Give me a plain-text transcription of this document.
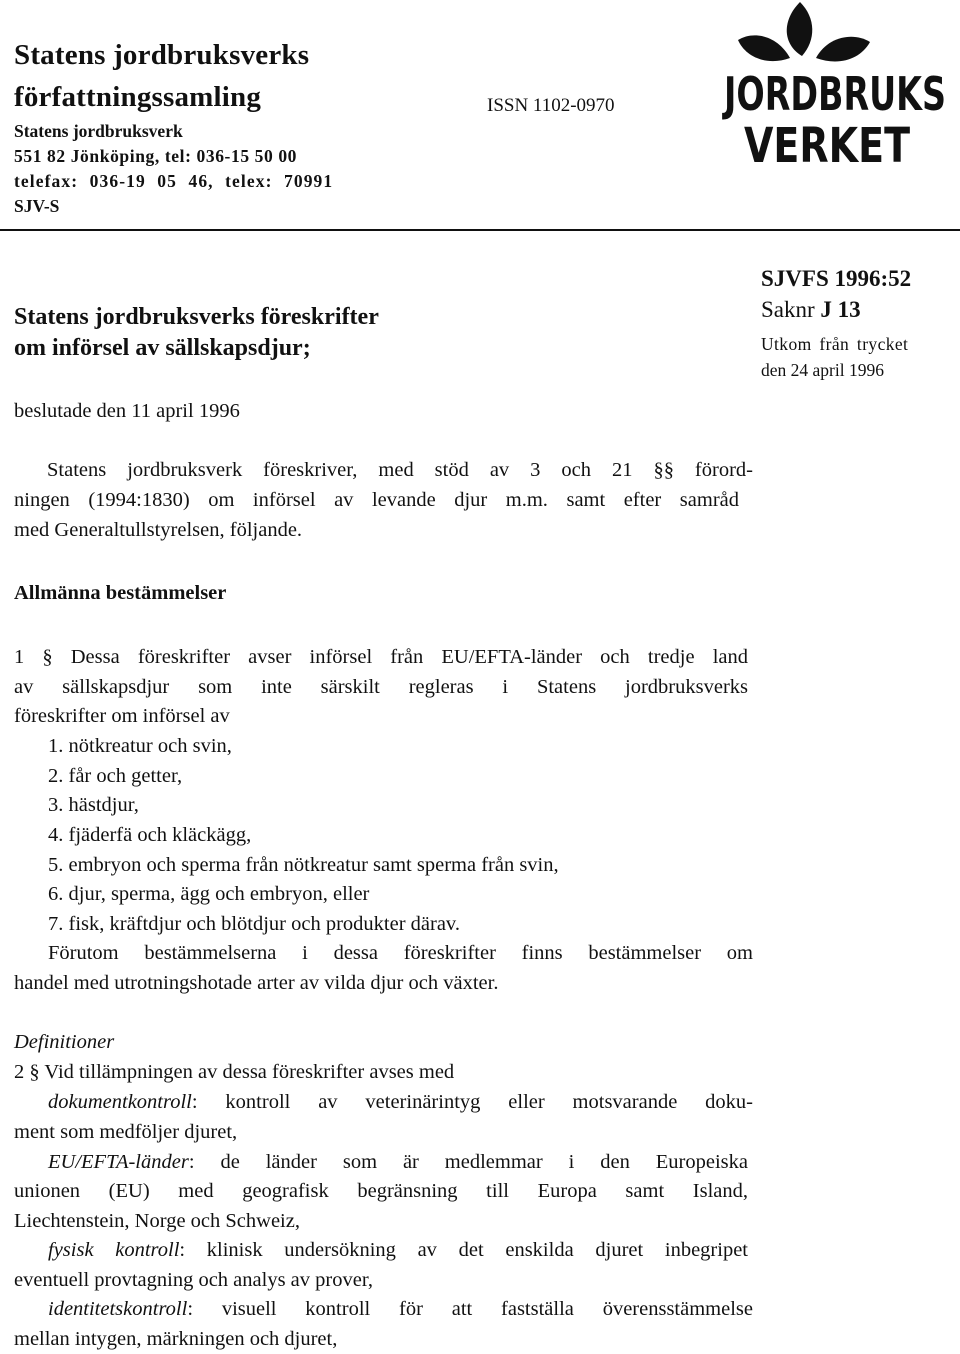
Statens jordbruksverks
författningssamling
Statens jordbruksverk
551 82 Jönköping, tel: 036-15 50 00
telefax: 036-19 05 46, telex: 70991
SJV-S
ISSN 1102-0970 JORDBRUKS
VERKET
Statens jordbruksverks föreskrifter
om införsel av sällskapsdjur;
SJVFS 1996:52
Saknr J 13
Utkom från trycket
den 24 april 1996
beslutade den 11 april 1996
Statens jordbruksverk föreskriver, med stöd av 3 och 21 §§ förord-
ningen (1994:1830) om införsel av levande djur m.m. samt efter samråd
med Generaltullstyrelsen, följande.
Allmänna bestämmelser
1 § Dessa föreskrifter avser införsel från EU/EFTA-länder och tredje land
av sällskapsdjur som inte särskilt regleras i Statens jordbruksverks
föreskrifter om införsel av
1. nötkreatur och svin,
2. får och getter,
3. hästdjur,
4. fjäderfä och kläckägg,
5. embryon och sperma från nötkreatur samt sperma från svin,
6. djur, sperma, ägg och embryon, eller
7. fisk, kräftdjur och blötdjur och produkter därav.
Förutom bestämmelserna i dessa föreskrifter finns bestämmelser om
handel med utrotningshotade arter av vilda djur och växter.
Definitioner
2 § Vid tillämpningen av dessa föreskrifter avses med
dokumentkontroll: kontroll av veterinärintyg eller motsvarande doku-
ment som medföljer djuret,
EU/EFTA-länder: de länder som är medlemmar i den Europeiska
unionen (EU) med geografisk begränsning till Europa samt Island,
Liechtenstein, Norge och Schweiz,
fysisk kontroll: klinisk undersökning av det enskilda djuret inbegripet
eventuell provtagning och analys av prover,
identitetskontroll: visuell kontroll för att fastställa överensstämmelse
mellan intygen, märkningen och djuret,
